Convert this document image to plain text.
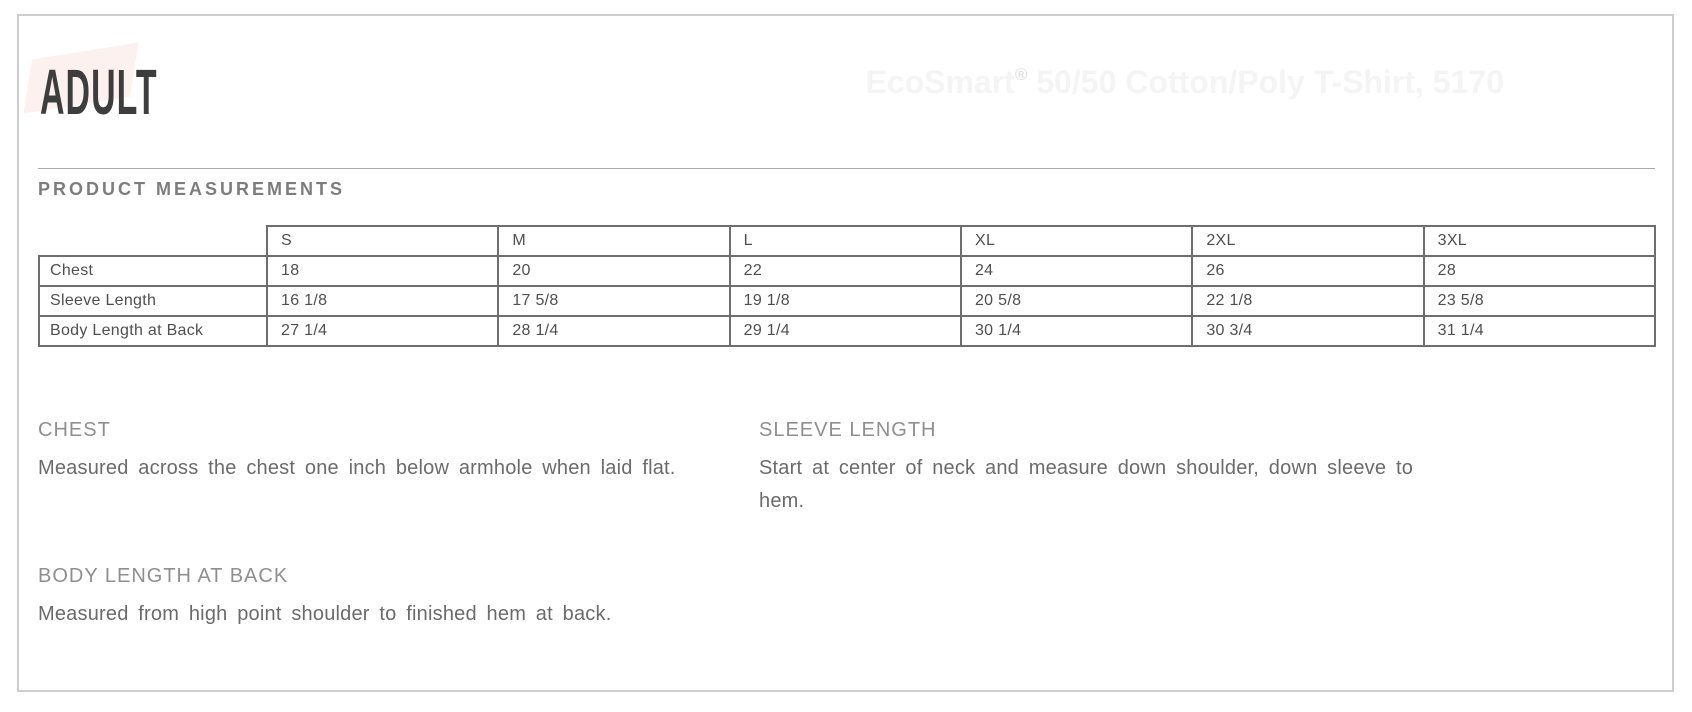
ADULT	EcoSmart® 50/50 Cotton/Poly T-Shirt, 5170
PRODUCT MEASUREMENTS
	S	M	L	XL	2XL	3XL
Chest	18	20	22	24	26	28
Sleeve Length	16 1/8	17 5/8	19 1/8	20 5/8	22 1/8	23 5/8
Body Length at Back	27 1/4	28 1/4	29 1/4	30 1/4	30 3/4	31 1/4
CHEST
Measured across the chest one inch below armhole when laid flat.
SLEEVE LENGTH
Start at center of neck and measure down shoulder, down sleeve to hem.
BODY LENGTH AT BACK
Measured from high point shoulder to finished hem at back.
